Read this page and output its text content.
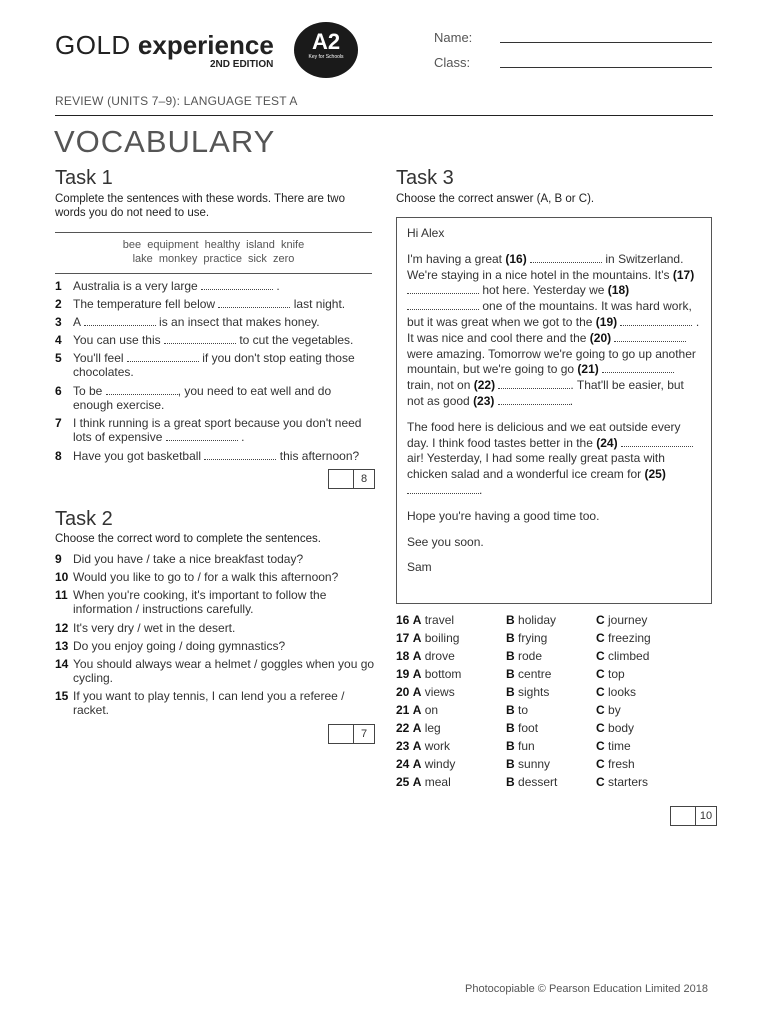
GOLD experience
2ND EDITION
A2
Key for Schools
Name:
Class:
REVIEW (UNITS 7–9): LANGUAGE TEST A
VOCABULARY
Task 1
Complete the sentences with these words. There are two words you do not need to use.
bee equipment healthy island knife
lake monkey practice sick zero
1 Australia is a very large	.
2 The temperature fell below	last night.
3 A	is an insect that makes honey.
4 You can use this	to cut the vegetables.
5 You'll feel	if you don't stop eating those chocolates.
6 To be	, you need to eat well and do enough exercise.
7 I think running is a great sport because you don't need lots of expensive	.
8 Have you got basketball	this afternoon?
8
Task 2
Choose the correct word to complete the sentences.
9 Did you have / take a nice breakfast today?
10 Would you like to go to / for a walk this afternoon?
11 When you're cooking, it's important to follow the information / instructions carefully.
12 It's very dry / wet in the desert.
13 Do you enjoy going / doing gymnastics?
14 You should always wear a helmet / goggles when you go cycling.
15 If you want to play tennis, I can lend you a referee / racket.
7
Task 3
Choose the correct answer (A, B or C).

Hi Alex

I'm having a great (16)	in Switzerland. We're staying in a nice hotel in the mountains. It's (17)  hot here. Yesterday we (18)  one of the mountains. It was hard work, but it was great when we got to the (19)	. It was nice and cool there and the (20)  were amazing. Tomorrow we're going to go up another mountain, but we're going to go (21)  train, not on (22)	. That'll be easier, but not as good (23)	.

The food here is delicious and we eat outside every day. I think food tastes better in the (24)  air! Yesterday, I had some really great pasta with chicken salad and a wonderful ice cream for (25) .

Hope you're having a good time too.

See you soon.

Sam

16 A travel	B holiday	C journey
17 A boiling	B frying	C freezing
18 A drove	B rode	C climbed
19 A bottom	B centre	C top
20 A views	B sights	C looks
21 A on	B to	C by
22 A leg	B foot	C body
23 A work	B fun	C time
24 A windy	B sunny	C fresh
25 A meal	B dessert	C starters
10
Photocopiable © Pearson Education Limited 2018
